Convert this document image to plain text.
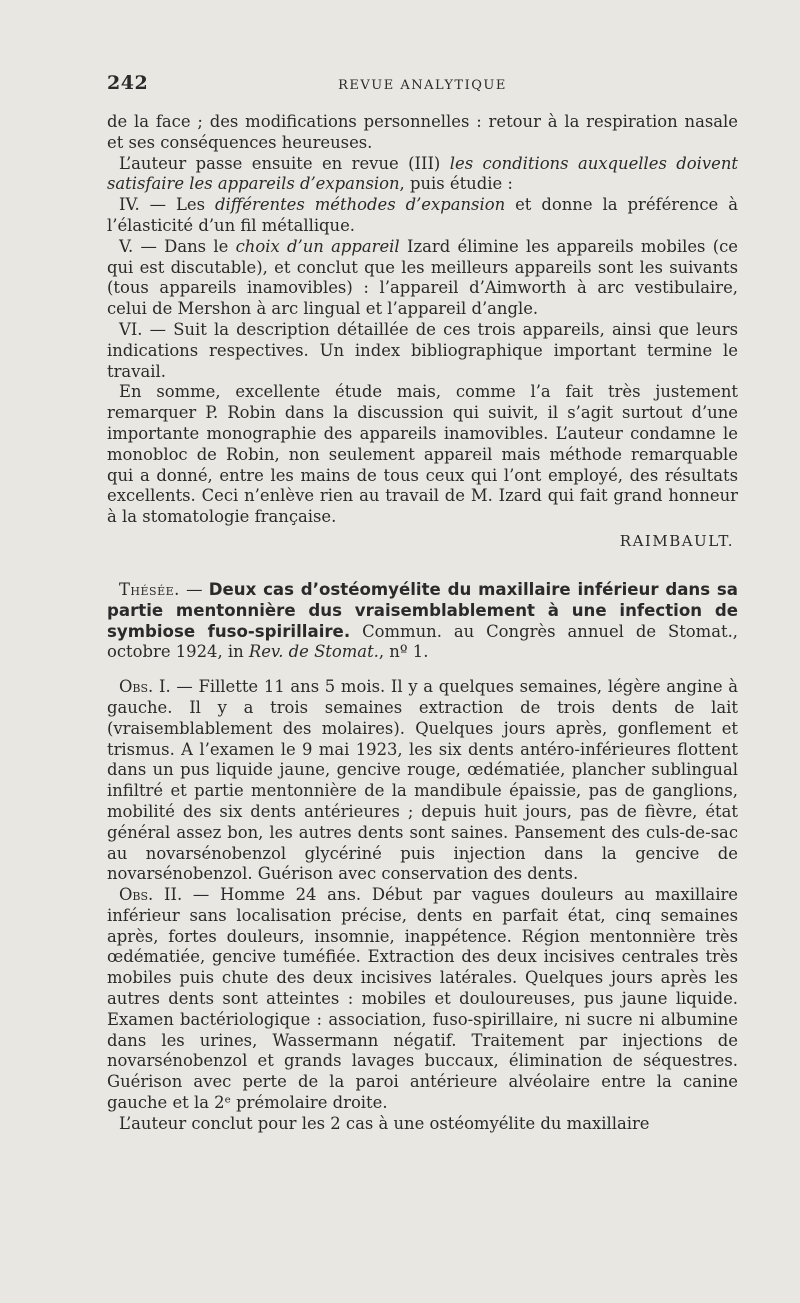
242	REVUE ANALYTIQUE

de la face ; des modifications personnelles : retour à la respiration nasale et ses conséquences heureuses.

L’auteur passe ensuite en revue (III) les conditions auxquelles doivent satisfaire les appareils d’expansion, puis étudie :

IV. — Les différentes méthodes d’expansion et donne la préférence à l’élasticité d’un fil métallique.

V. — Dans le choix d’un appareil Izard élimine les appareils mobiles (ce qui est discutable), et conclut que les meilleurs appareils sont les suivants (tous appareils inamovibles) : l’appareil d’Aimworth à arc vestibulaire, celui de Mershon à arc lingual et l’appareil d’angle.

VI. — Suit la description détaillée de ces trois appareils, ainsi que leurs indications respectives. Un index bibliographique important termine le travail.

En somme, excellente étude mais, comme l’a fait très justement remarquer P. Robin dans la discussion qui suivit, il s’agit surtout d’une importante monographie des appareils inamovibles. L’auteur condamne le monobloc de Robin, non seulement appareil mais méthode remarquable qui a donné, entre les mains de tous ceux qui l’ont employé, des résultats excellents. Ceci n’enlève rien au travail de M. Izard qui fait grand honneur à la stomatologie française.

RAIMBAULT.

Thésée. — Deux cas d’ostéomyélite du maxillaire inférieur dans sa partie mentonnière dus vraisemblablement à une infection de symbiose fuso-spirillaire. Commun. au Congrès annuel de Stomat., octobre 1924, in Rev. de Stomat., nº 1.

Obs. I. — Fillette 11 ans 5 mois. Il y a quelques semaines, légère angine à gauche. Il y a trois semaines extraction de trois dents de lait (vraisemblablement des molaires). Quelques jours après, gonflement et trismus. A l’examen le 9 mai 1923, les six dents antéro-inférieures flottent dans un pus liquide jaune, gencive rouge, œdématiée, plancher sublingual infiltré et partie mentonnière de la mandibule épaissie, pas de ganglions, mobilité des six dents antérieures ; depuis huit jours, pas de fièvre, état général assez bon, les autres dents sont saines. Pansement des culs-de-sac au novarsénobenzol glycériné puis injection dans la gencive de novarsénobenzol. Guérison avec conservation des dents.

Obs. II. — Homme 24 ans. Début par vagues douleurs au maxillaire inférieur sans localisation précise, dents en parfait état, cinq semaines après, fortes douleurs, insomnie, inappétence. Région mentonnière très œdématiée, gencive tuméfiée. Extraction des deux incisives centrales très mobiles puis chute des deux incisives latérales. Quelques jours après les autres dents sont atteintes : mobiles et douloureuses, pus jaune liquide. Examen bactériologique : association, fuso-spirillaire, ni sucre ni albumine dans les urines, Wassermann négatif. Traitement par injections de novarsénobenzol et grands lavages buccaux, élimination de séquestres. Guérison avec perte de la paroi antérieure alvéolaire entre la canine gauche et la 2ᵉ prémolaire droite.

L’auteur conclut pour les 2 cas à une ostéomyélite du maxillaire
